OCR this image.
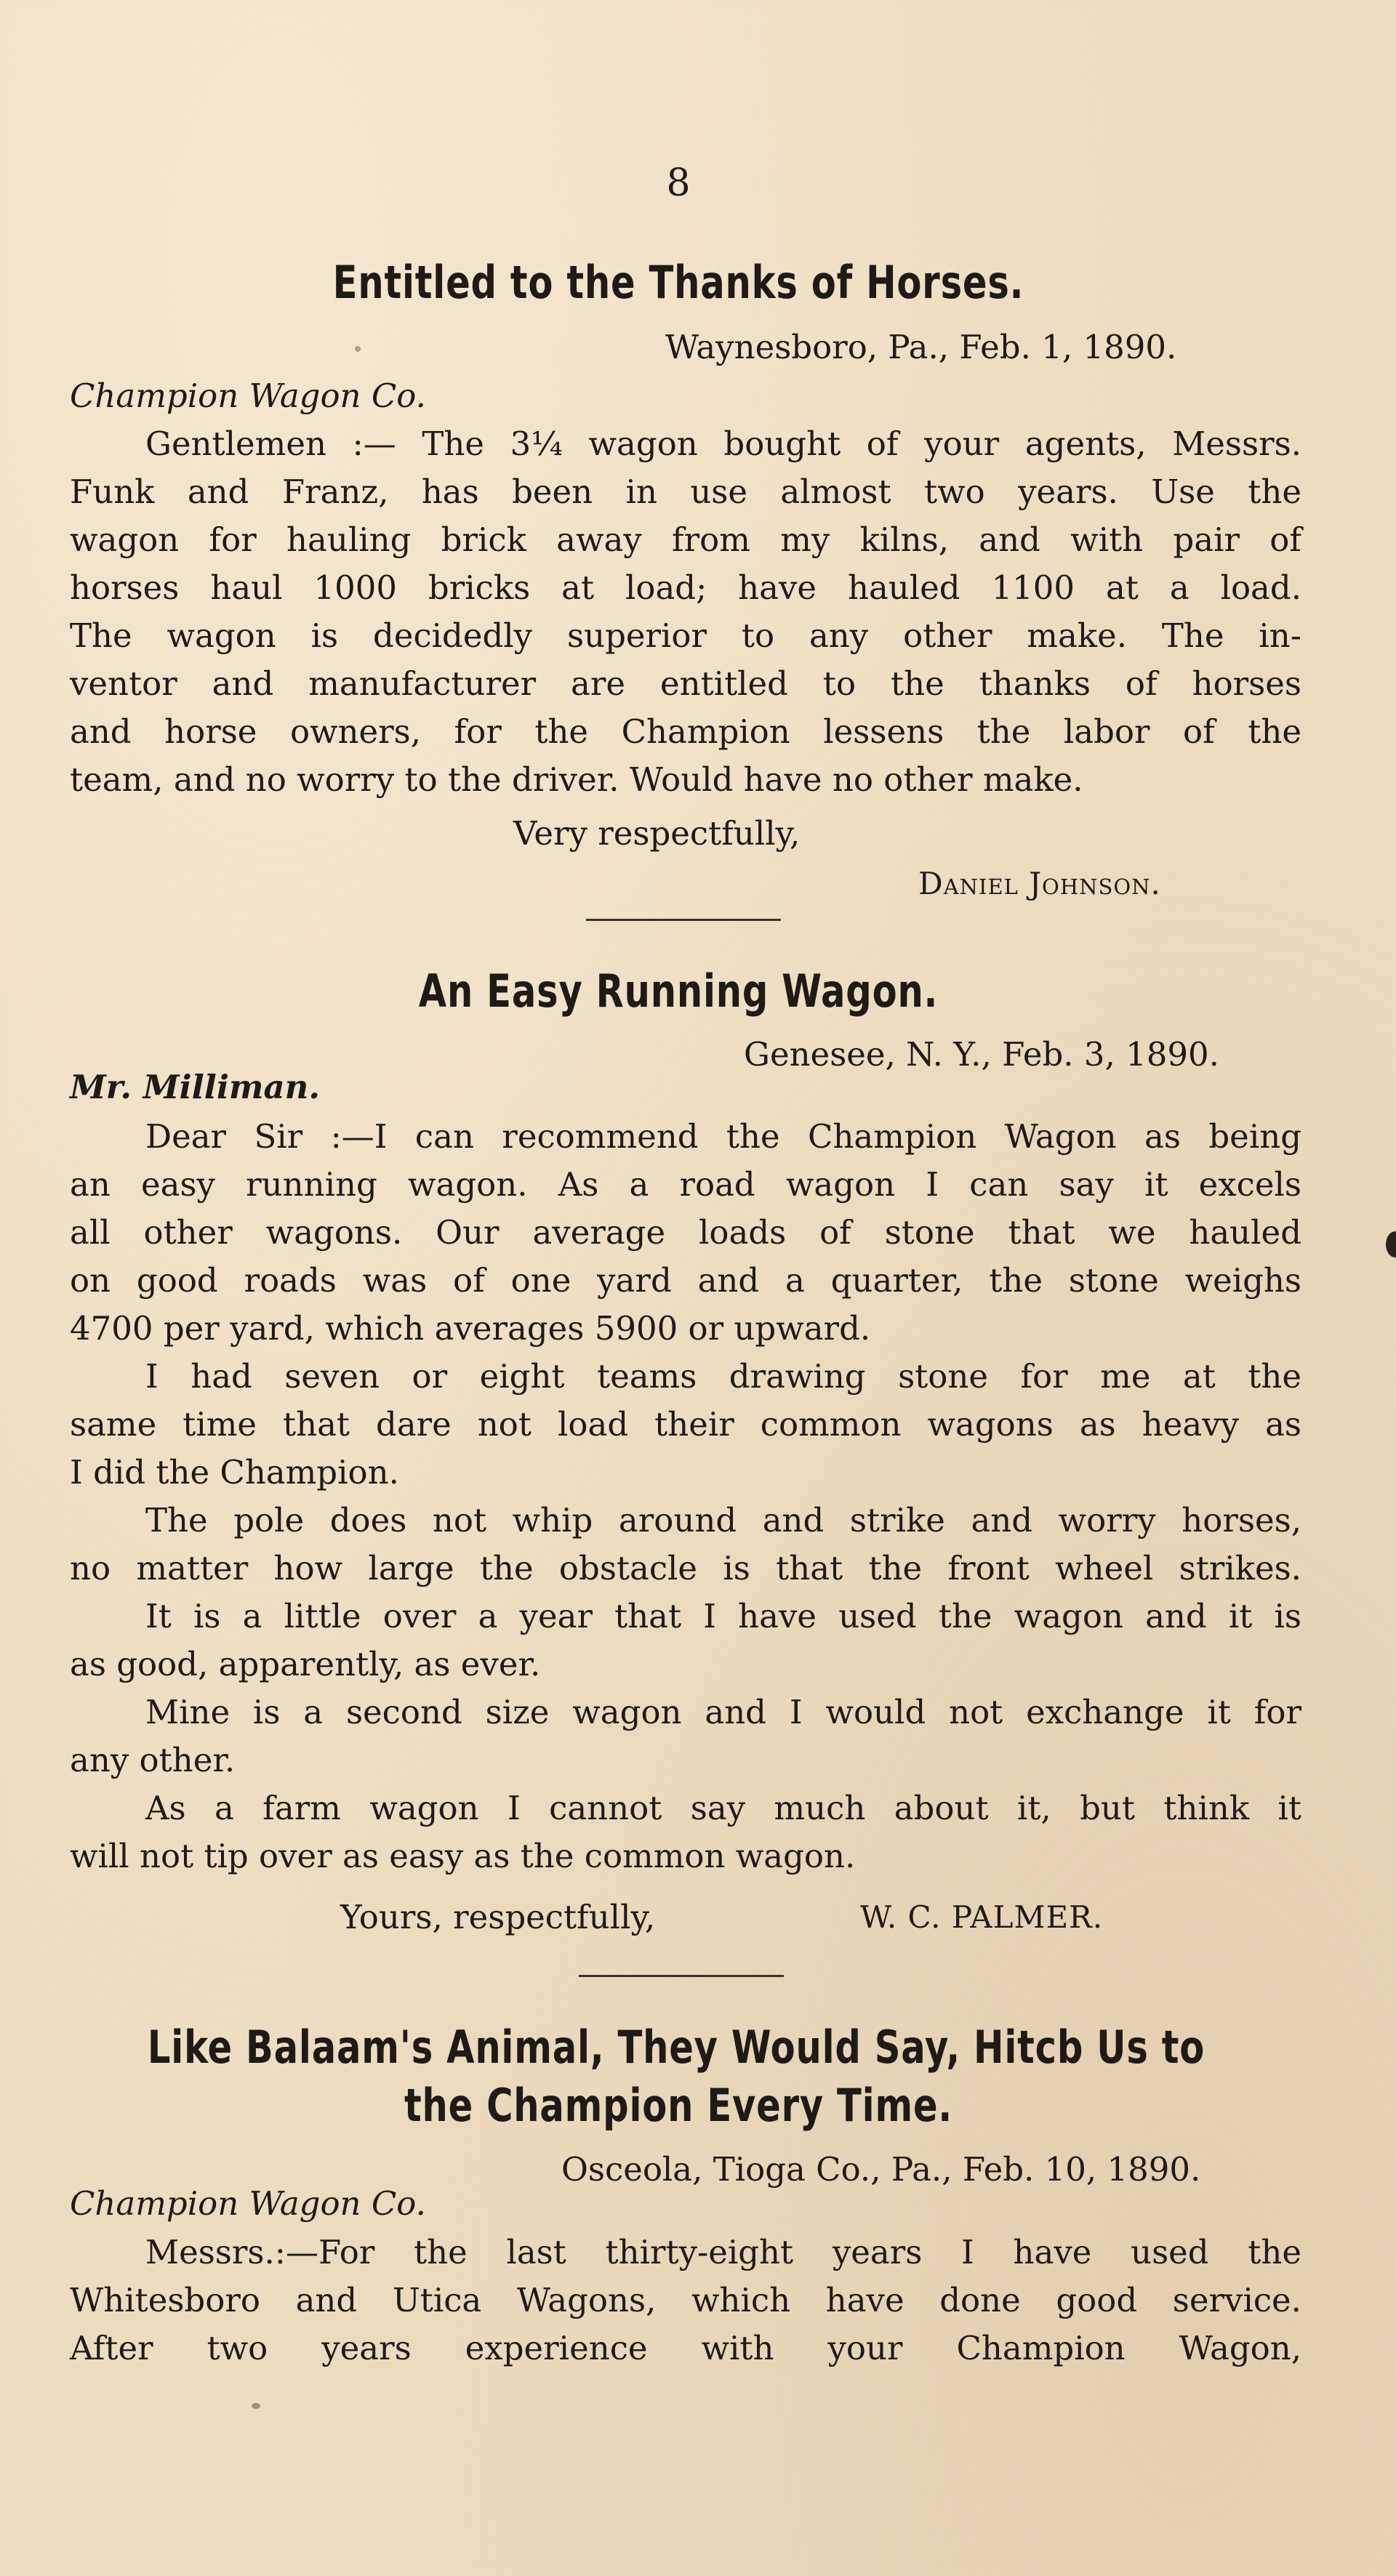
8
Entitled to the Thanks of Horses.
Waynesboro, Pa., Feb. 1, 1890.
Champion Wagon Co.

Gentlemen :— The 3¼ wagon bought of your agents, Messrs.
Funk and Franz, has been in use almost two years. Use the
wagon for hauling brick away from my kilns, and with pair of
horses haul 1000 bricks at load; have hauled 1100 at a load.
The wagon is decidedly superior to any other make. The in-
ventor and manufacturer are entitled to the thanks of horses
and horse owners, for the Champion lessens the labor of the
team, and no worry to the driver. Would have no other make.

Very respectfully,
Daniel Johnson.
An Easy Running Wagon.
Genesee, N. Y., Feb. 3, 1890.
Mr. Milliman.

Dear Sir :—I can recommend the Champion Wagon as being
an easy running wagon. As a road wagon I can say it excels
all other wagons. Our average loads of stone that we hauled
on good roads was of one yard and a quarter, the stone weighs
4700 per yard, which averages 5900 or upward.

I had seven or eight teams drawing stone for me at the
same time that dare not load their common wagons as heavy as
I did the Champion.

The pole does not whip around and strike and worry horses,
no matter how large the obstacle is that the front wheel strikes.

It is a little over a year that I have used the wagon and it is
as good, apparently, as ever.

Mine is a second size wagon and I would not exchange it for
any other.

As a farm wagon I cannot say much about it, but think it
will not tip over as easy as the common wagon.

Yours, respectfully,	W. C. PALMER.
Like Balaam's Animal, They Would Say, Hitcb Us to
the Champion Every Time.
Osceola, Tioga Co., Pa., Feb. 10, 1890.
Champion Wagon Co.

Messrs.:—For the last thirty-eight years I have used the
Whitesboro and Utica Wagons, which have done good service.
After two years experience with your Champion Wagon,
